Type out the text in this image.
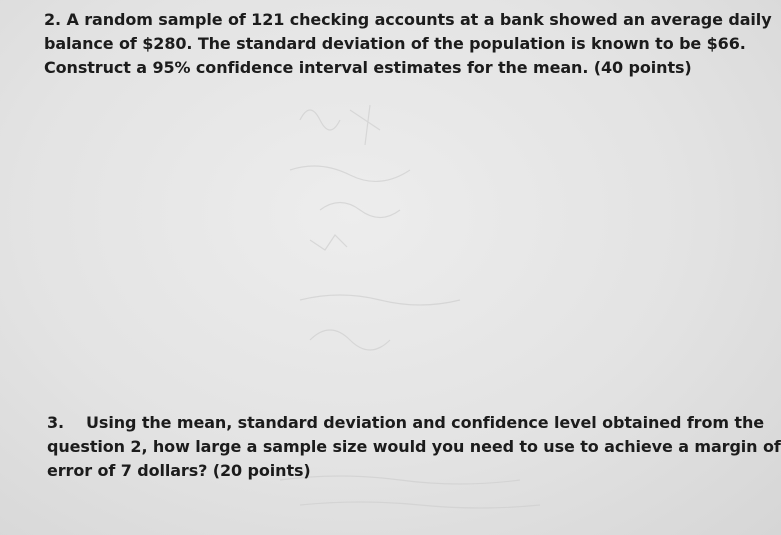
2. A random sample of 121 checking accounts at a bank showed an average daily
balance of $280. The standard deviation of the population is known to be $66.
Construct a 95% confidence interval estimates for the mean. (40 points)
3. Using the mean, standard deviation and confidence level obtained from the
question 2, how large a sample size would you need to use to achieve a margin of
error of 7 dollars? (20 points)
